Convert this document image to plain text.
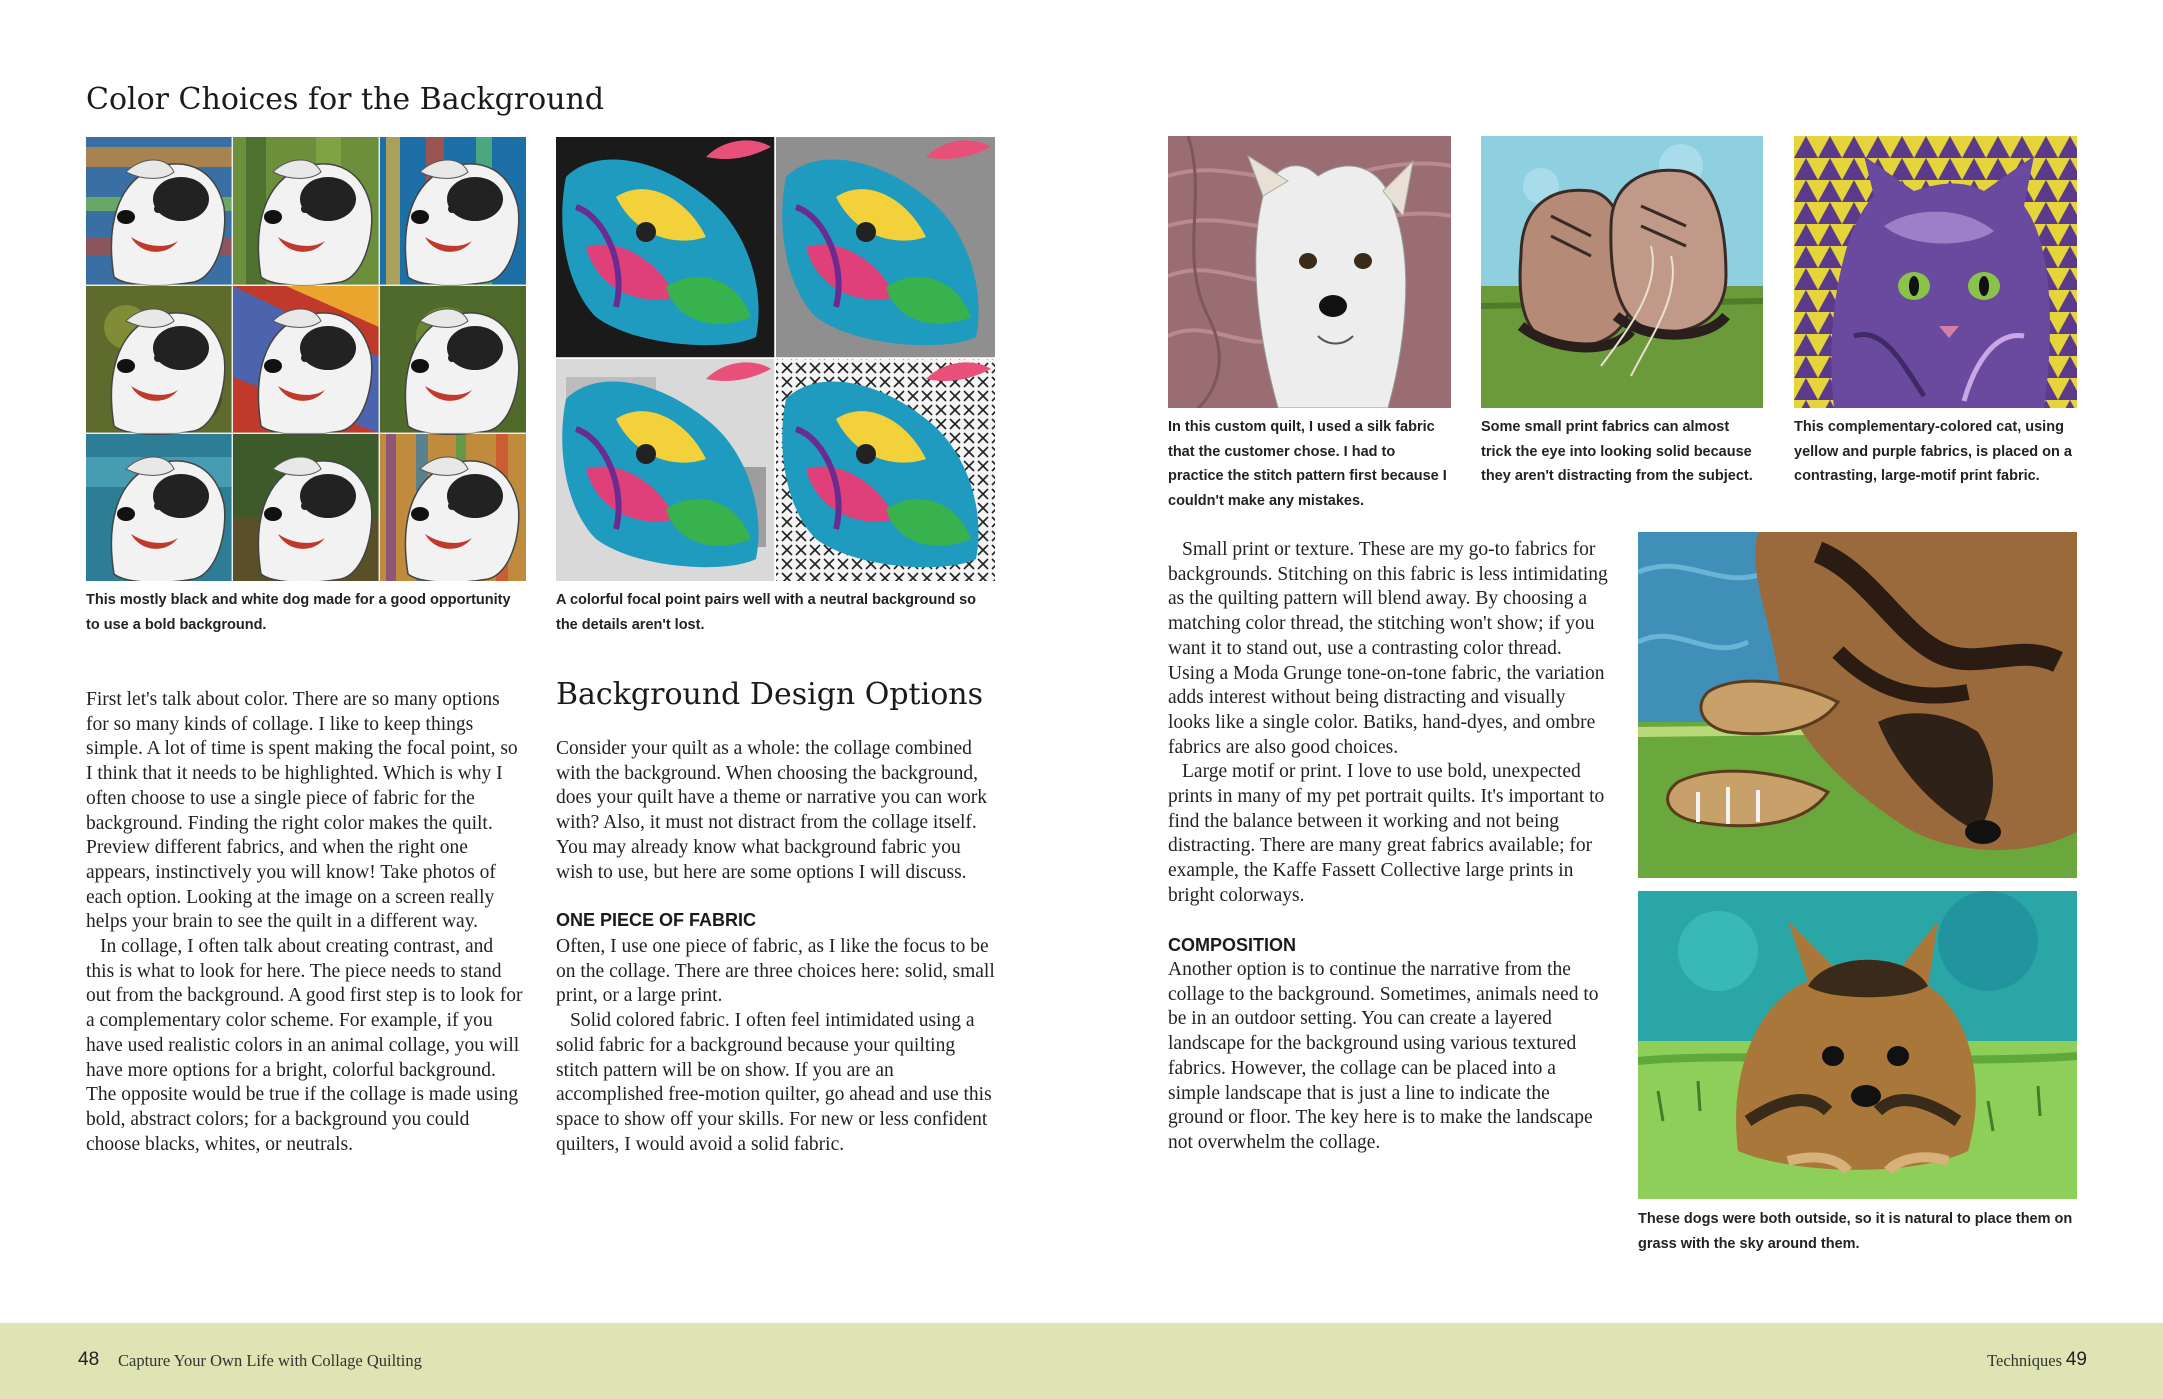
Color Choices for the Background
This mostly black and white dog made for a good opportunity to use a bold background.
A colorful focal point pairs well with a neutral background so the details aren't lost.

First let's talk about color. There are so many options for so many kinds of collage. I like to keep things simple. A lot of time is spent making the focal point, so I think that it needs to be highlighted. Which is why I often choose to use a single piece of fabric for the background. Finding the right color makes the quilt. Preview different fabrics, and when the right one appears, instinctively you will know! Take photos of each option. Looking at the image on a screen really helps your brain to see the quilt in a different way.

In collage, I often talk about creating contrast, and this is what to look for here. The piece needs to stand out from the background. A good first step is to look for a complementary color scheme. For example, if you have used realistic colors in an animal collage, you will have more options for a bright, colorful background. The opposite would be true if the collage is made using bold, abstract colors; for a background you could choose blacks, whites, or neutrals.

Background Design Options
Consider your quilt as a whole: the collage combined with the background. When choosing the background, does your quilt have a theme or narrative you can work with? Also, it must not distract from the collage itself. You may already know what background fabric you wish to use, but here are some options I will discuss.
ONE PIECE OF FABRIC

Often, I use one piece of fabric, as I like the focus to be on the collage. There are three choices here: solid, small print, or a large print.

Solid colored fabric. I often feel intimidated using a solid fabric for a background because your quilting stitch pattern will be on show. If you are an accomplished free-motion quilter, go ahead and use this space to show off your skills. For new or less confident quilters, I would avoid a solid fabric.

In this custom quilt, I used a silk fabric that the customer chose. I had to practice the stitch pattern first because I couldn't make any mistakes.
Some small print fabrics can almost trick the eye into looking solid because they aren't distracting from the subject.
This complementary-colored cat, using yellow and purple fabrics, is placed on a contrasting, large-motif print fabric.

Small print or texture. These are my go-to fabrics for backgrounds. Stitching on this fabric is less intimidating as the quilting pattern will blend away. By choosing a matching color thread, the stitching won't show; if you want it to stand out, use a contrasting color thread. Using a Moda Grunge tone-on-tone fabric, the variation adds interest without being distracting and visually looks like a single color. Batiks, hand-dyes, and ombre fabrics are also good choices.

Large motif or print. I love to use bold, unexpected prints in many of my pet portrait quilts. It's important to find the balance between it working and not being distracting. There are many great fabrics available; for example, the Kaffe Fassett Collective large prints in bright colorways.

COMPOSITION
Another option is to continue the narrative from the collage to the background. Sometimes, animals need to be in an outdoor setting. You can create a layered landscape for the background using various textured fabrics. However, the collage can be placed into a simple landscape that is just a line to indicate the ground or floor. The key here is to make the landscape not overwhelm the collage.
These dogs were both outside, so it is natural to place them on grass with the sky around them.
48 Capture Your Own Life with Collage Quilting	Techniques 49
